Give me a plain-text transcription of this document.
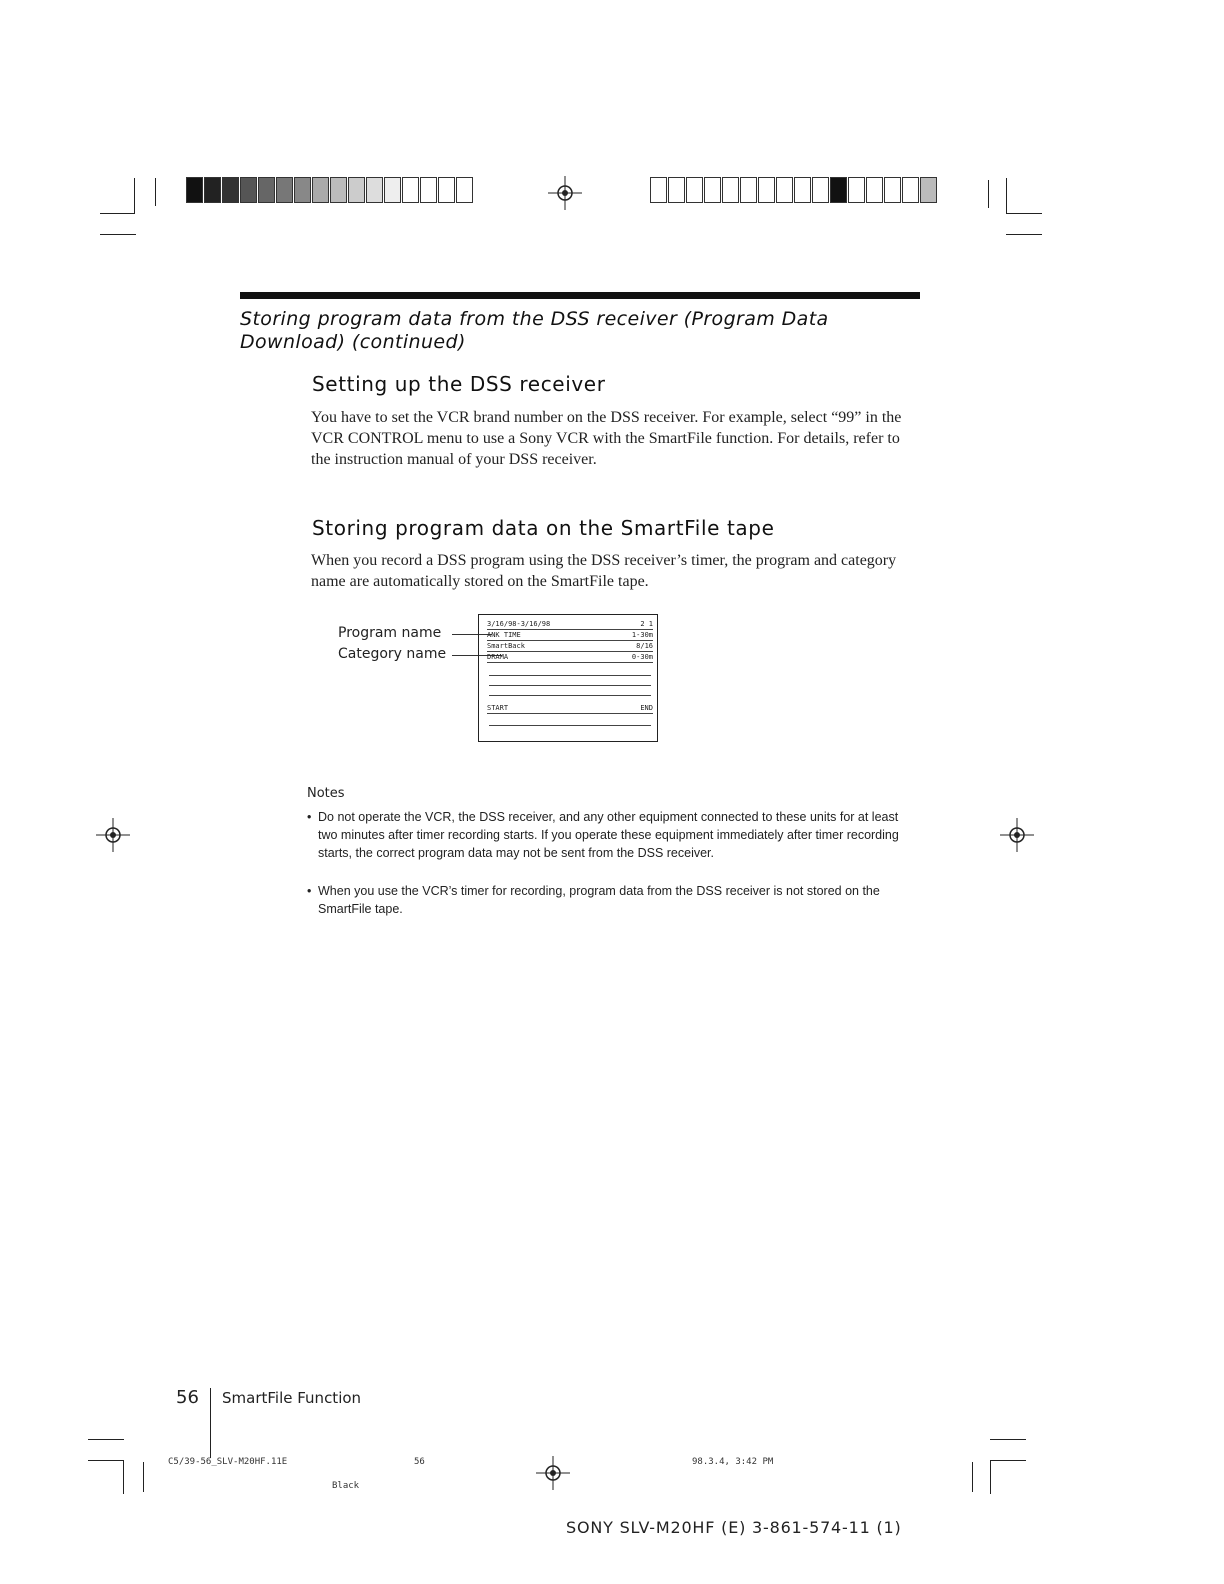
Storing program data from the DSS receiver (Program Data Download) (continued)
Setting up the DSS receiver
You have to set the VCR brand number on the DSS receiver. For example, select “99” in the VCR CONTROL menu to use a Sony VCR with the SmartFile function. For details, refer to the instruction manual of your DSS receiver.
Storing program data on the SmartFile tape
When you record a DSS program using the DSS receiver’s timer, the program and category name are automatically stored on the SmartFile tape.
Program name
Category name
3/16/98-3/16/98	2 1
ANK TIME	1-30m
SmartBack	8/16
DRAMA	0-30m
START	END
Notes
• Do not operate the VCR, the DSS receiver, and any other equipment connected to these units for at least two minutes after timer recording starts. If you operate these equipment immediately after timer recording starts, the correct program data may not be sent from the DSS receiver.
• When you use the VCR’s timer for recording, program data from the DSS receiver is not stored on the SmartFile tape.
56 SmartFile Function
C5/39-56_SLV-M20HF.11E	56	98.3.4, 3:42 PM
Black
SONY SLV-M20HF (E) 3-861-574-11 (1)
